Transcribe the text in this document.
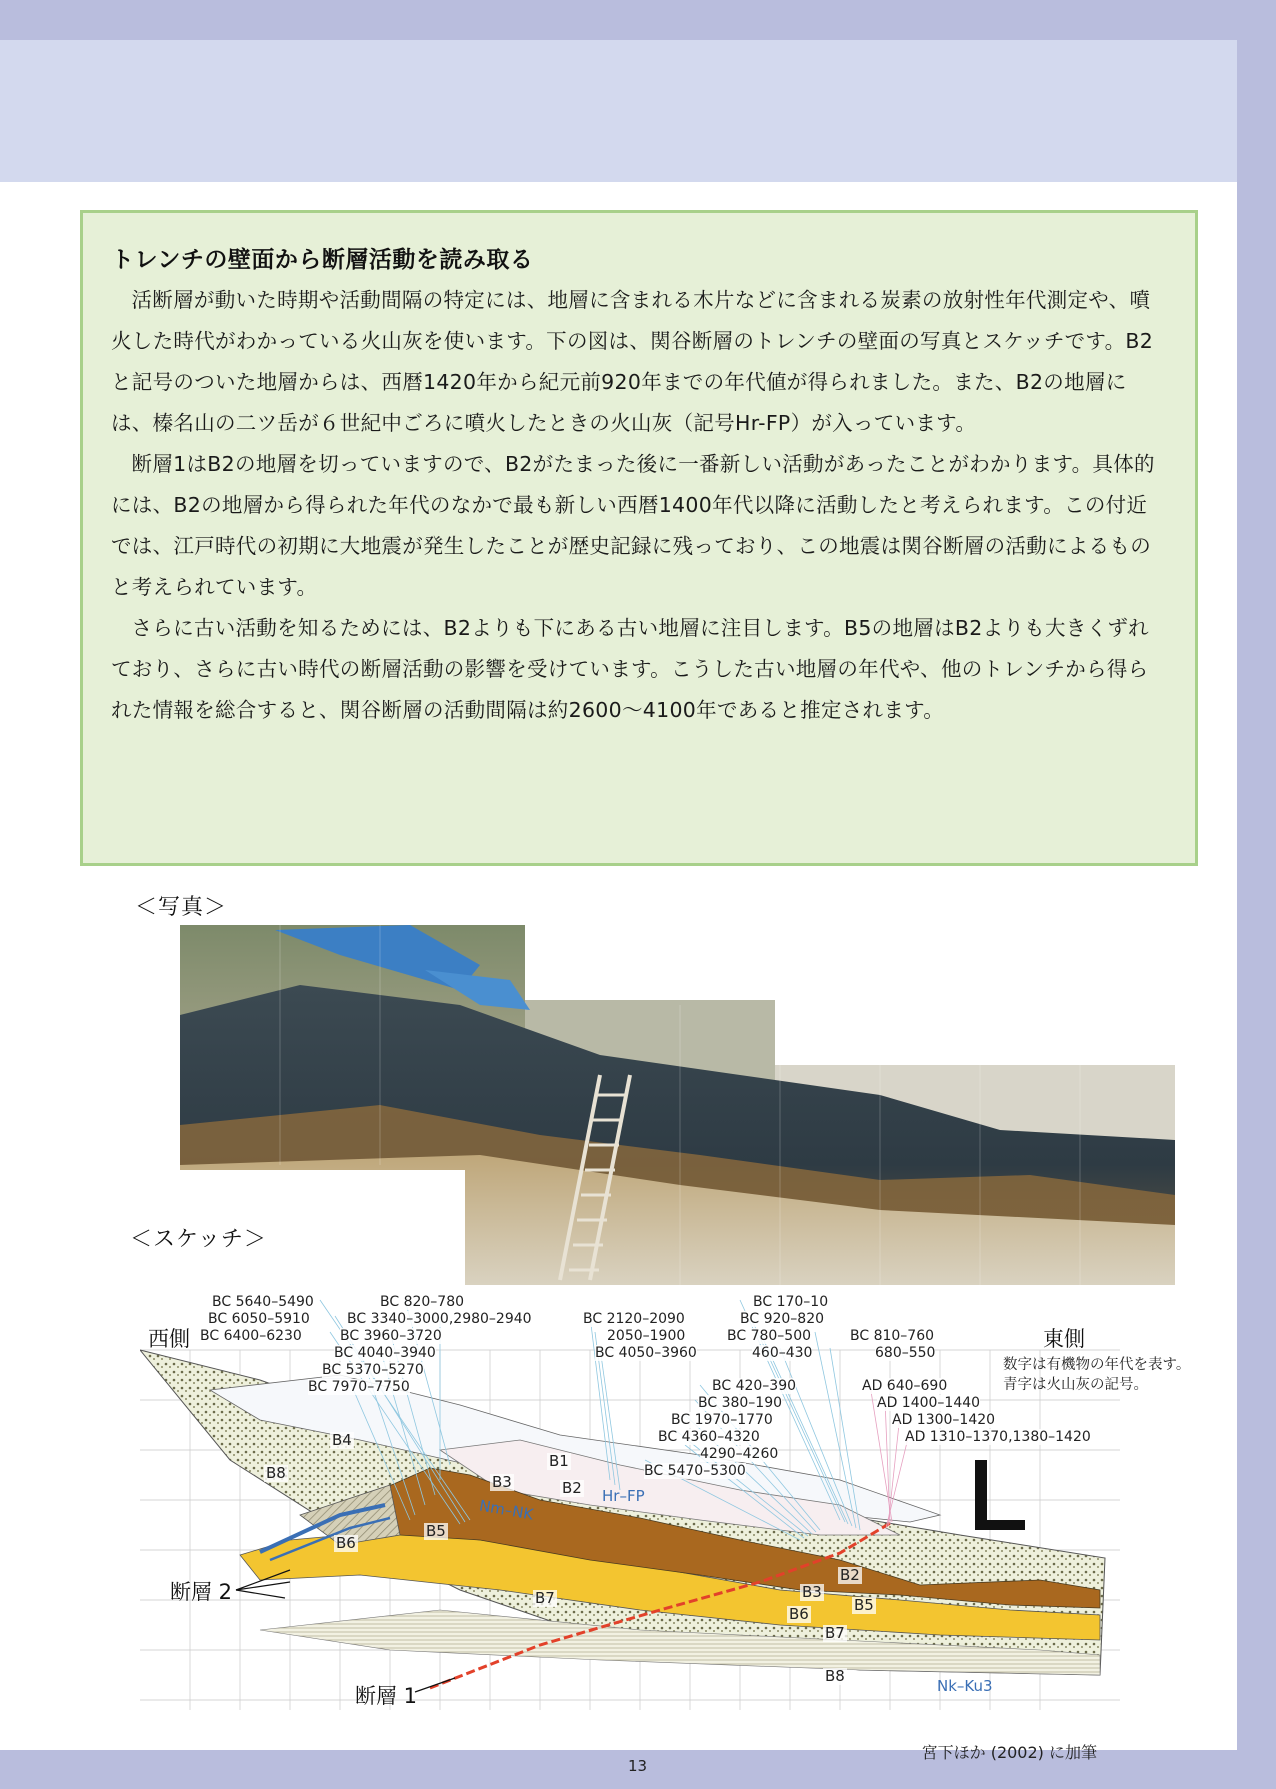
トレンチの壁面から断層活動を読み取る

活断層が動いた時期や活動間隔の特定には、地層に含まれる木片などに含まれる炭素の放射性年代測定や、噴火した時代がわかっている火山灰を使います。下の図は、関谷断層のトレンチの壁面の写真とスケッチです。B2と記号のついた地層からは、西暦1420年から紀元前920年までの年代値が得られました。また、B2の地層には、榛名山の二ツ岳が６世紀中ごろに噴火したときの火山灰（記号Hr-FP）が入っています。

断層1はB2の地層を切っていますので、B2がたまった後に一番新しい活動があったことがわかります。具体的には、B2の地層から得られた年代のなかで最も新しい西暦1400年代以降に活動したと考えられます。この付近では、江戸時代の初期に大地震が発生したことが歴史記録に残っており、この地震は関谷断層の活動によるものと考えられています。

さらに古い活動を知るためには、B2よりも下にある古い地層に注目します。B5の地層はB2よりも大きくずれており、さらに古い時代の断層活動の影響を受けています。こうした古い地層の年代や、他のトレンチから得られた情報を総合すると、関谷断層の活動間隔は約2600～4100年であると推定されます。

＜写真＞
＜スケッチ＞
BC 5640–5490
BC 6050–5910
BC 6400–6230
BC 820–780
BC 3340–3000,2980–2940
BC 3960–3720
BC 4040–3940
BC 5370–5270
BC 7970–7750
BC 2120–2090
2050–1900
BC 4050–3960
BC 170–10
BC 920–820
BC 780–500
460–430
BC 810–760
680–550
BC 420–390
BC 380–190
BC 1970–1770
BC 4360–4320
4290–4260
BC 5470–5300
AD 640–690
AD 1400–1440
AD 1300–1420
AD 1310–1370,1380–1420
西側	東側
数字は有機物の年代を表す。
青字は火山灰の記号。
B4
B8	B3
B1
B2
B5
B6
B7	B3
B2
B5
B6
B7
B8
Nm–NK
Hr–FP
Nk–Ku3
断層 2
断層 1
宮下ほか (2002) に加筆
13
